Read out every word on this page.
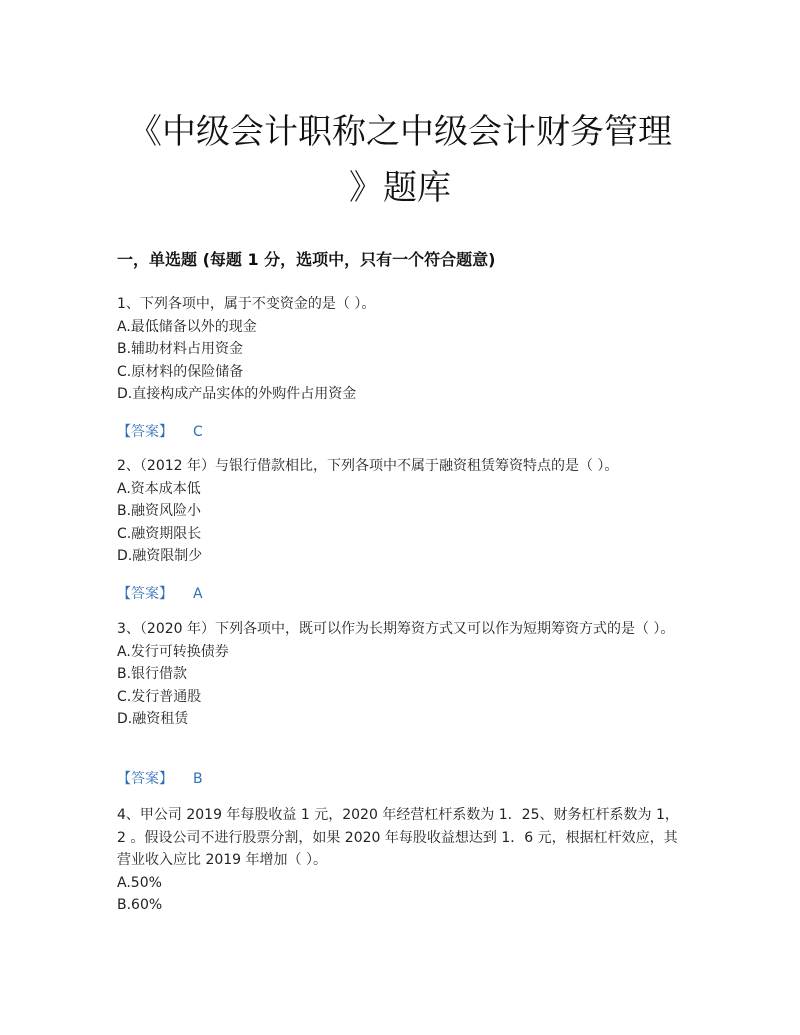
《中级会计职称之中级会计财务管理
》题库
一，单选题 (每题 1 分，选项中，只有一个符合题意)

1、下列各项中，属于不变资金的是（ ）。

A.最低储备以外的现金

B.辅助材料占用资金

C.原材料的保险储备

D.直接构成产品实体的外购件占用资金

【答案】 C

2、（2012 年）与银行借款相比，下列各项中不属于融资租赁筹资特点的是（ ）。

A.资本成本低

B.融资风险小

C.融资期限长

D.融资限制少

【答案】 A

3、（2020 年）下列各项中，既可以作为长期筹资方式又可以作为短期筹资方式的是（ ）。

A.发行可转换债券

B.银行借款

C.发行普通股

D.融资租赁

【答案】 B

4、甲公司 2019 年每股收益 1 元，2020 年经营杠杆系数为 1．25、财务杠杆系数为 1，2 。假设公司不进行股票分割，如果 2020 年每股收益想达到 1．6 元，根据杠杆效应，其营业收入应比 2019 年增加（ ）。

A.50%

B.60%
